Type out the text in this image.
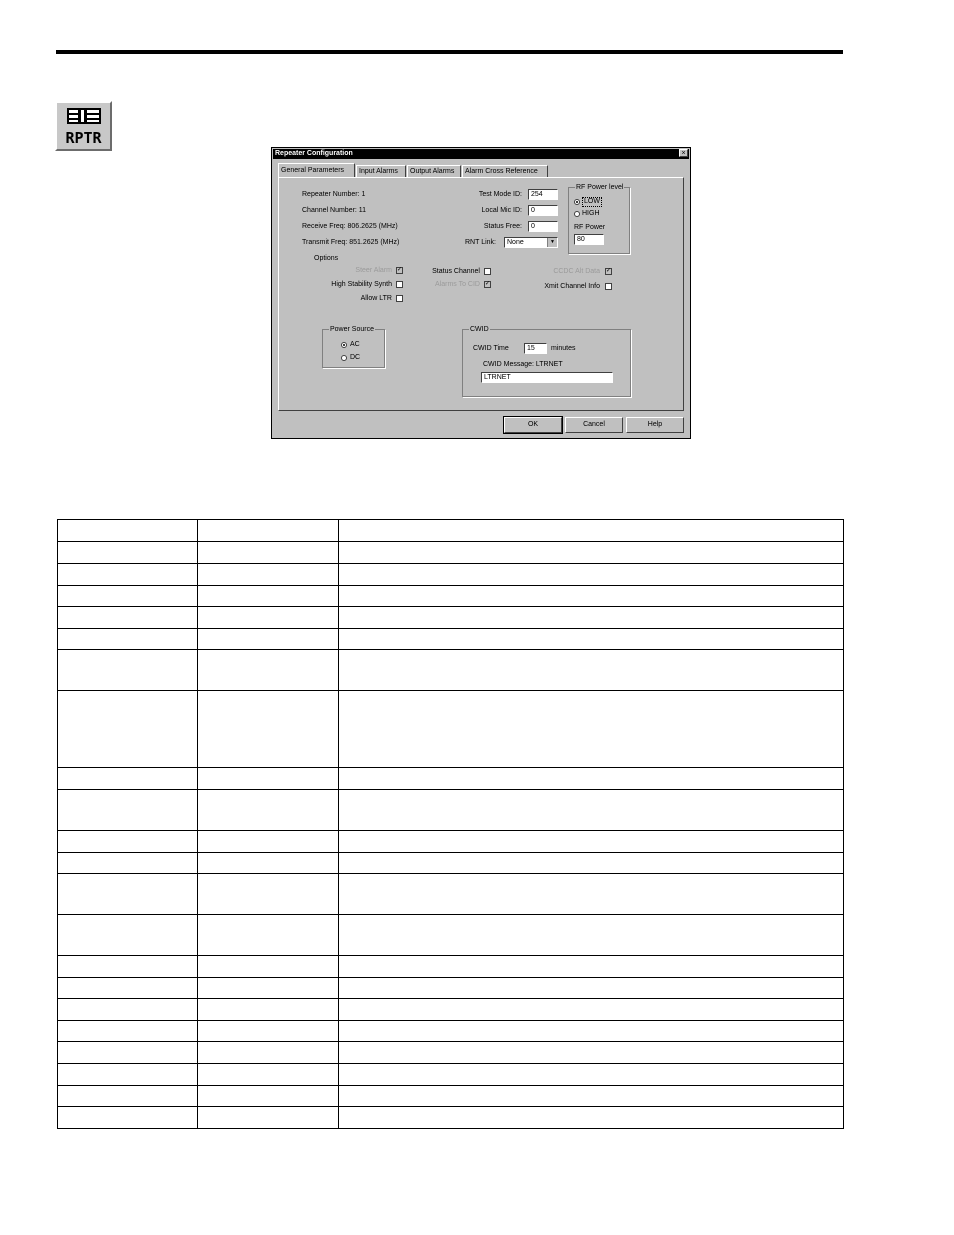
RPTR
Repeater Configuration	×
General Parameters	Input Alarms	Output Alarms	Alarm Cross Reference
Repeater Number: 1
Channel Number: 11
Receive Freq: 806.2625 (MHz)
Transmit Freq: 851.2625 (MHz)
Test Mode ID:	254
Local Mic ID:	0
Status Free:	0
RNT Link:	None	▼
RF Power level
LOW
HIGH
RF Power
80
Options
Steer Alarm ✓
High Stability Synth
Allow LTR
Status Channel
Alarms To CID ✓
CCDC Alt Data ✓
Xmit Channel Info
Power Source
AC
DC
CWID
CWID Time	15	minutes
CWID Message: LTRNET
LTRNET
OK	Cancel	Help
